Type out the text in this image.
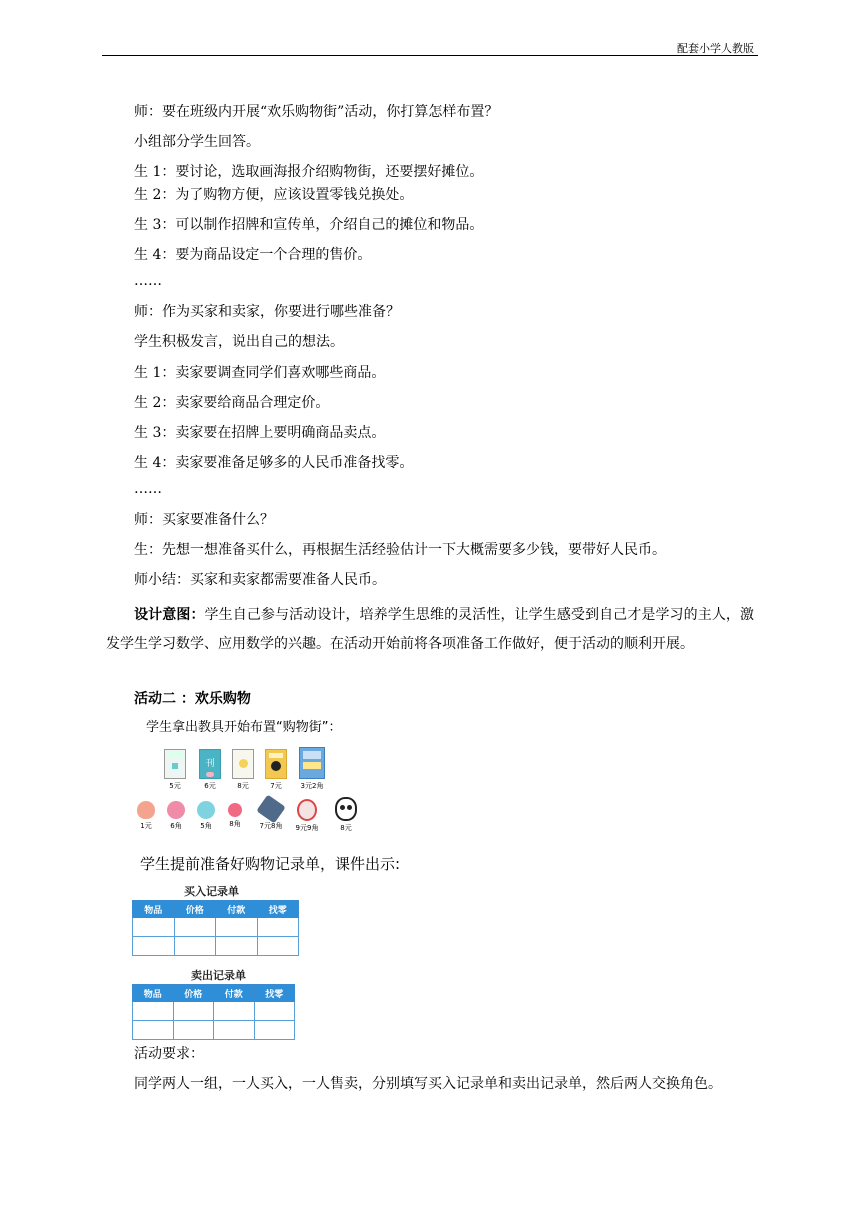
配套小学人教版
师：要在班级内开展“欢乐购物街”活动，你打算怎样布置？
小组部分学生回答。
生 1：要讨论，选取画海报介绍购物街，还要摆好摊位。
生 2：为了购物方便，应该设置零钱兑换处。
生 3：可以制作招牌和宣传单，介绍自己的摊位和物品。
生 4：要为商品设定一个合理的售价。
……
师：作为买家和卖家，你要进行哪些准备？
学生积极发言，说出自己的想法。
生 1：卖家要调查同学们喜欢哪些商品。
生 2：卖家要给商品合理定价。
生 3：卖家要在招牌上要明确商品卖点。
生 4：卖家要准备足够多的人民币准备找零。
……
师：买家要准备什么？
生：先想一想准备买什么，再根据生活经验估计一下大概需要多少钱，要带好人民币。
师小结：买家和卖家都需要准备人民币。
设计意图：学生自己参与活动设计，培养学生思维的灵活性，让学生感受到自己才是学习的主人，激发学生学习数学、应用数学的兴趣。在活动开始前将各项准备工作做好，便于活动的顺利开展。
活动二 ：欢乐购物
学生拿出教具开始布置“购物街”：
5元
刊
6元	8元	7元	3元2角
1元	6角	5角	8角	7元8角	9元9角	8元
学生提前准备好购物记录单，课件出示:
买入记录单
物品	价格	付款	找零

卖出记录单
物品	价格	付款	找零

活动要求：
同学两人一组，一人买入，一人售卖，分别填写买入记录单和卖出记录单，然后两人交换角色。
